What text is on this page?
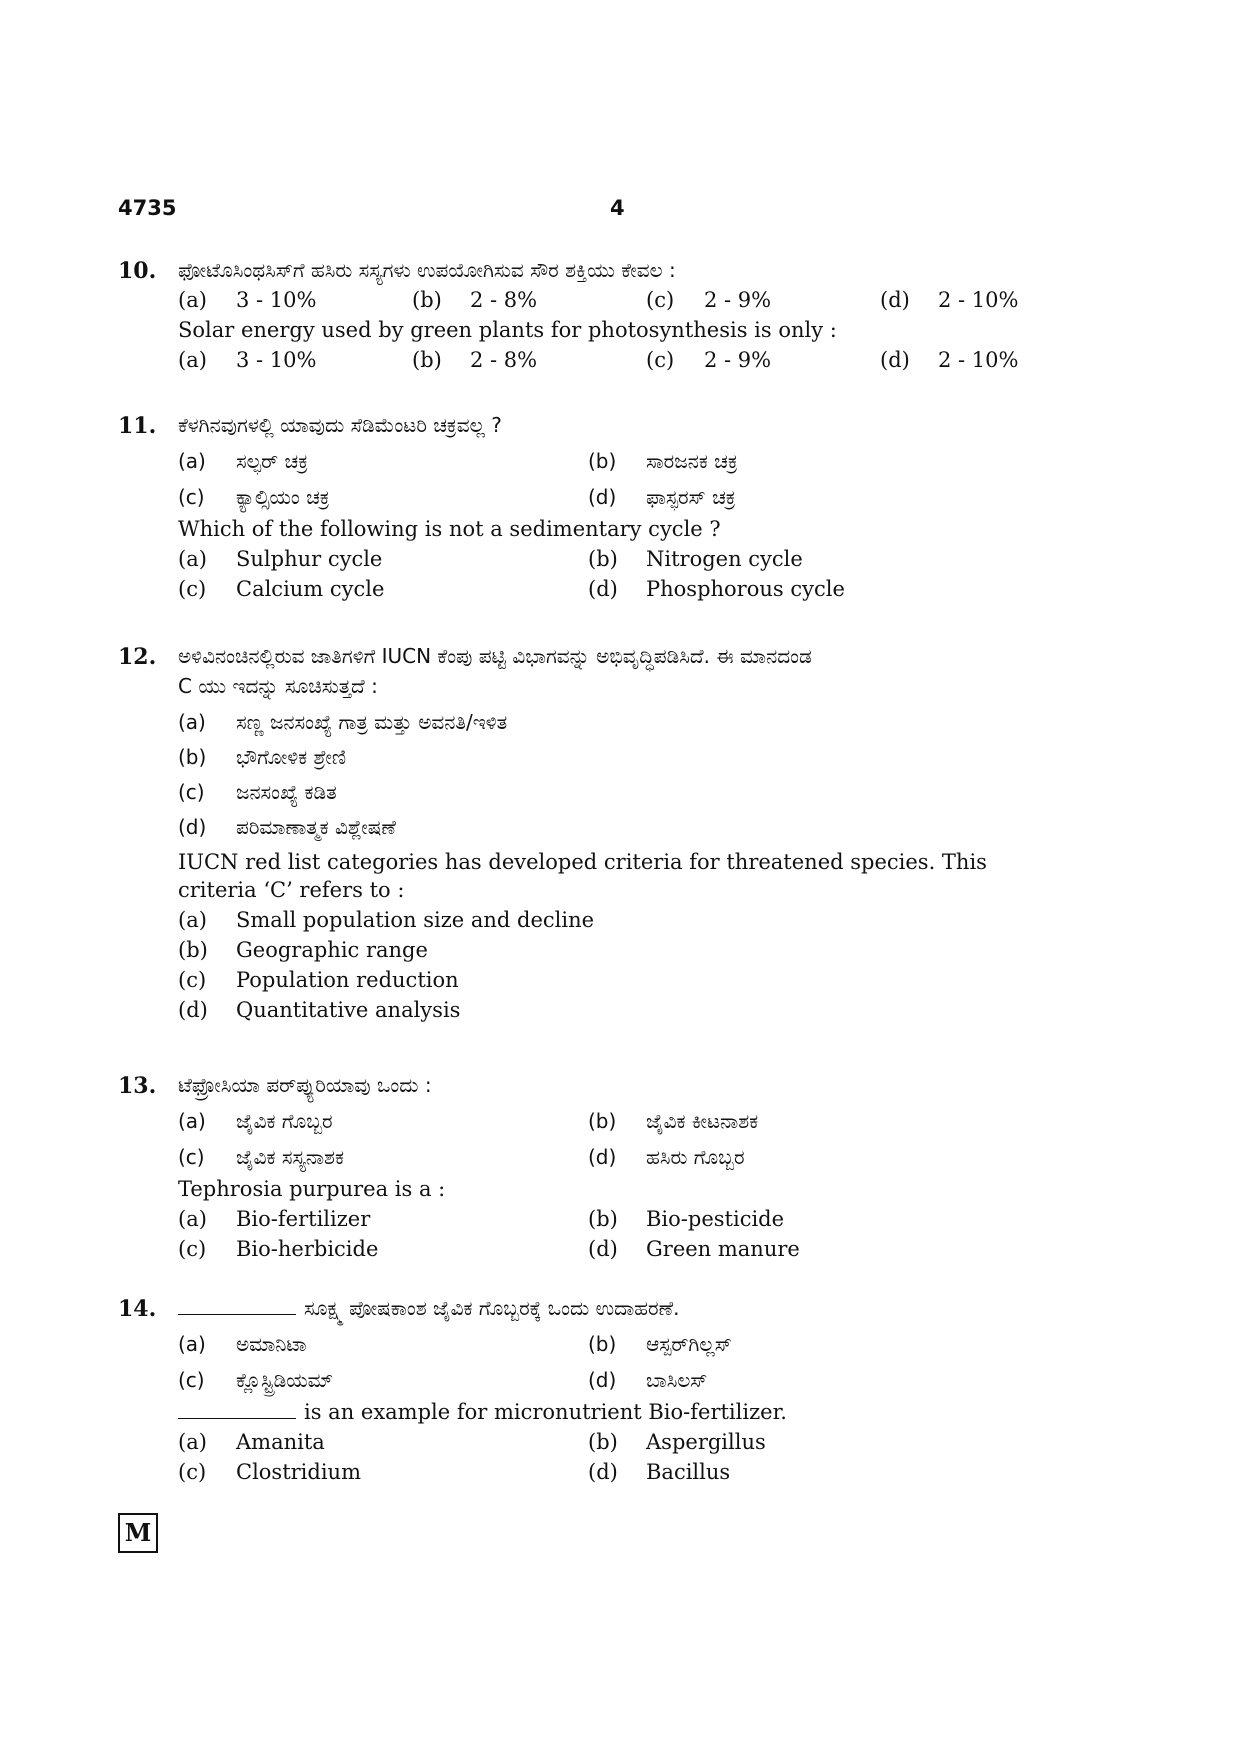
4735	4
10. ಫೋಟೊಸಿಂಥಸಿಸ್‌ಗೆ ಹಸಿರು ಸಸ್ಯಗಳು ಉಪಯೋಗಿಸುವ ಸೌರ ಶಕ್ತಿಯು ಕೇವಲ :
(a) 3 - 10%	(b) 2 - 8%	(c) 2 - 9%	(d) 2 - 10%
Solar energy used by green plants for photosynthesis is only :
(a) 3 - 10%	(b) 2 - 8%	(c) 2 - 9%	(d) 2 - 10%
11. ಕೆಳಗಿನವುಗಳಲ್ಲಿ ಯಾವುದು ಸೆಡಿಮೆಂಟರಿ ಚಕ್ರವಲ್ಲ ?
(a) ಸಲ್ಫರ್ ಚಕ್ರ	(b) ಸಾರಜನಕ ಚಕ್ರ
(c) ಕ್ಯಾಲ್ಸಿಯಂ ಚಕ್ರ	(d) ಫಾಸ್ಫರಸ್ ಚಕ್ರ
Which of the following is not a sedimentary cycle ?
(a) Sulphur cycle	(b) Nitrogen cycle
(c) Calcium cycle	(d) Phosphorous cycle
12. ಅಳಿವಿನಂಚಿನಲ್ಲಿರುವ ಜಾತಿಗಳಿಗೆ IUCN ಕೆಂಪು ಪಟ್ಟಿ ವಿಭಾಗವನ್ನು ಅಭಿವೃದ್ಧಿಪಡಿಸಿದೆ. ಈ ಮಾನದಂಡ
C ಯು ಇದನ್ನು ಸೂಚಿಸುತ್ತದೆ :
(a) ಸಣ್ಣ ಜನಸಂಖ್ಯೆ ಗಾತ್ರ ಮತ್ತು ಅವನತಿ/ಇಳಿತ
(b) ಭೌಗೋಳಿಕ ಶ್ರೇಣಿ
(c) ಜನಸಂಖ್ಯೆ ಕಡಿತ
(d) ಪರಿಮಾಣಾತ್ಮಕ ವಿಶ್ಲೇಷಣೆ
IUCN red list categories has developed criteria for threatened species. This
criteria ‘C’ refers to :
(a) Small population size and decline
(b) Geographic range
(c) Population reduction
(d) Quantitative analysis
13. ಟೆಫ್ರೋಸಿಯಾ ಪರ್‌ಪ್ಯುರಿಯಾವು ಒಂದು :
(a) ಜೈವಿಕ ಗೊಬ್ಬರ	(b) ಜೈವಿಕ ಕೀಟನಾಶಕ
(c) ಜೈವಿಕ ಸಸ್ಯನಾಶಕ	(d) ಹಸಿರು ಗೊಬ್ಬರ
Tephrosia purpurea is a :
(a) Bio-fertilizer	(b) Bio-pesticide
(c) Bio-herbicide	(d) Green manure
14.	ಸೂಕ್ಷ್ಮ ಪೋಷಕಾಂಶ ಜೈವಿಕ ಗೊಬ್ಬರಕ್ಕೆ ಒಂದು ಉದಾಹರಣೆ.
(a) ಅಮಾನಿಟಾ	(b) ಆಸ್ಪರ್‌ಗಿಲ್ಲಸ್
(c) ಕ್ಲೊಸ್ಟ್ರಿಡಿಯಮ್	(d) ಬಾಸಿಲಸ್
is an example for micronutrient Bio-fertilizer.
(a) Amanita	(b) Aspergillus
(c) Clostridium	(d) Bacillus
M
